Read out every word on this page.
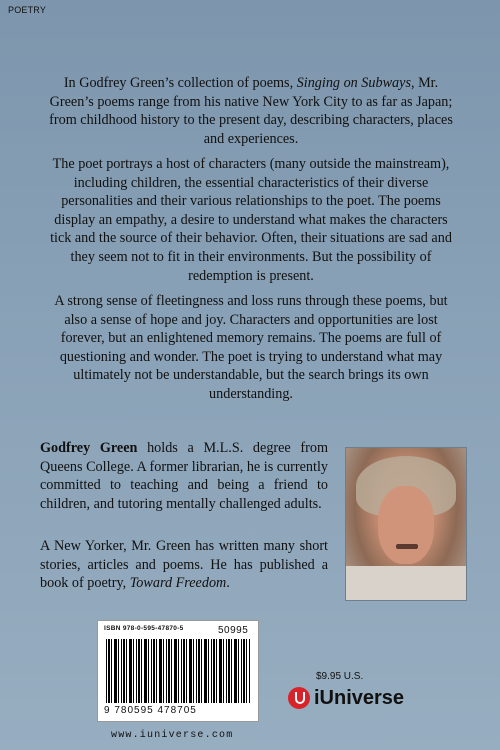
POETRY

In Godfrey Green’s collection of poems, Singing on Subways, Mr. Green’s poems range from his native New York City to as far as Japan; from childhood history to the present day, describing characters, places and experiences.

The poet portrays a host of characters (many outside the mainstream), including children, the essential characteristics of their diverse personalities and their various relationships to the poet. The poems display an empathy, a desire to understand what makes the characters tick and the source of their behavior. Often, their situations are sad and they seem not to fit in their environments. But the possibility of redemption is present.

A strong sense of fleetingness and loss runs through these poems, but also a sense of hope and joy. Characters and opportunities are lost forever, but an enlightened memory remains. The poems are full of questioning and wonder. The poet is trying to understand what may ultimately not be understandable, but the search brings its own understanding.

Godfrey Green holds a M.L.S. degree from Queens College. A former librarian, he is currently committed to teaching and being a friend to children, and tutoring mentally challenged adults.

A New Yorker, Mr. Green has written many short stories, articles and poems. He has published a book of poetry, Toward Freedom.

ISBN 978-0-595-47870-5	50995
9 780595 478705
www.iuniverse.com
$9.95 U.S.
iUniverse
